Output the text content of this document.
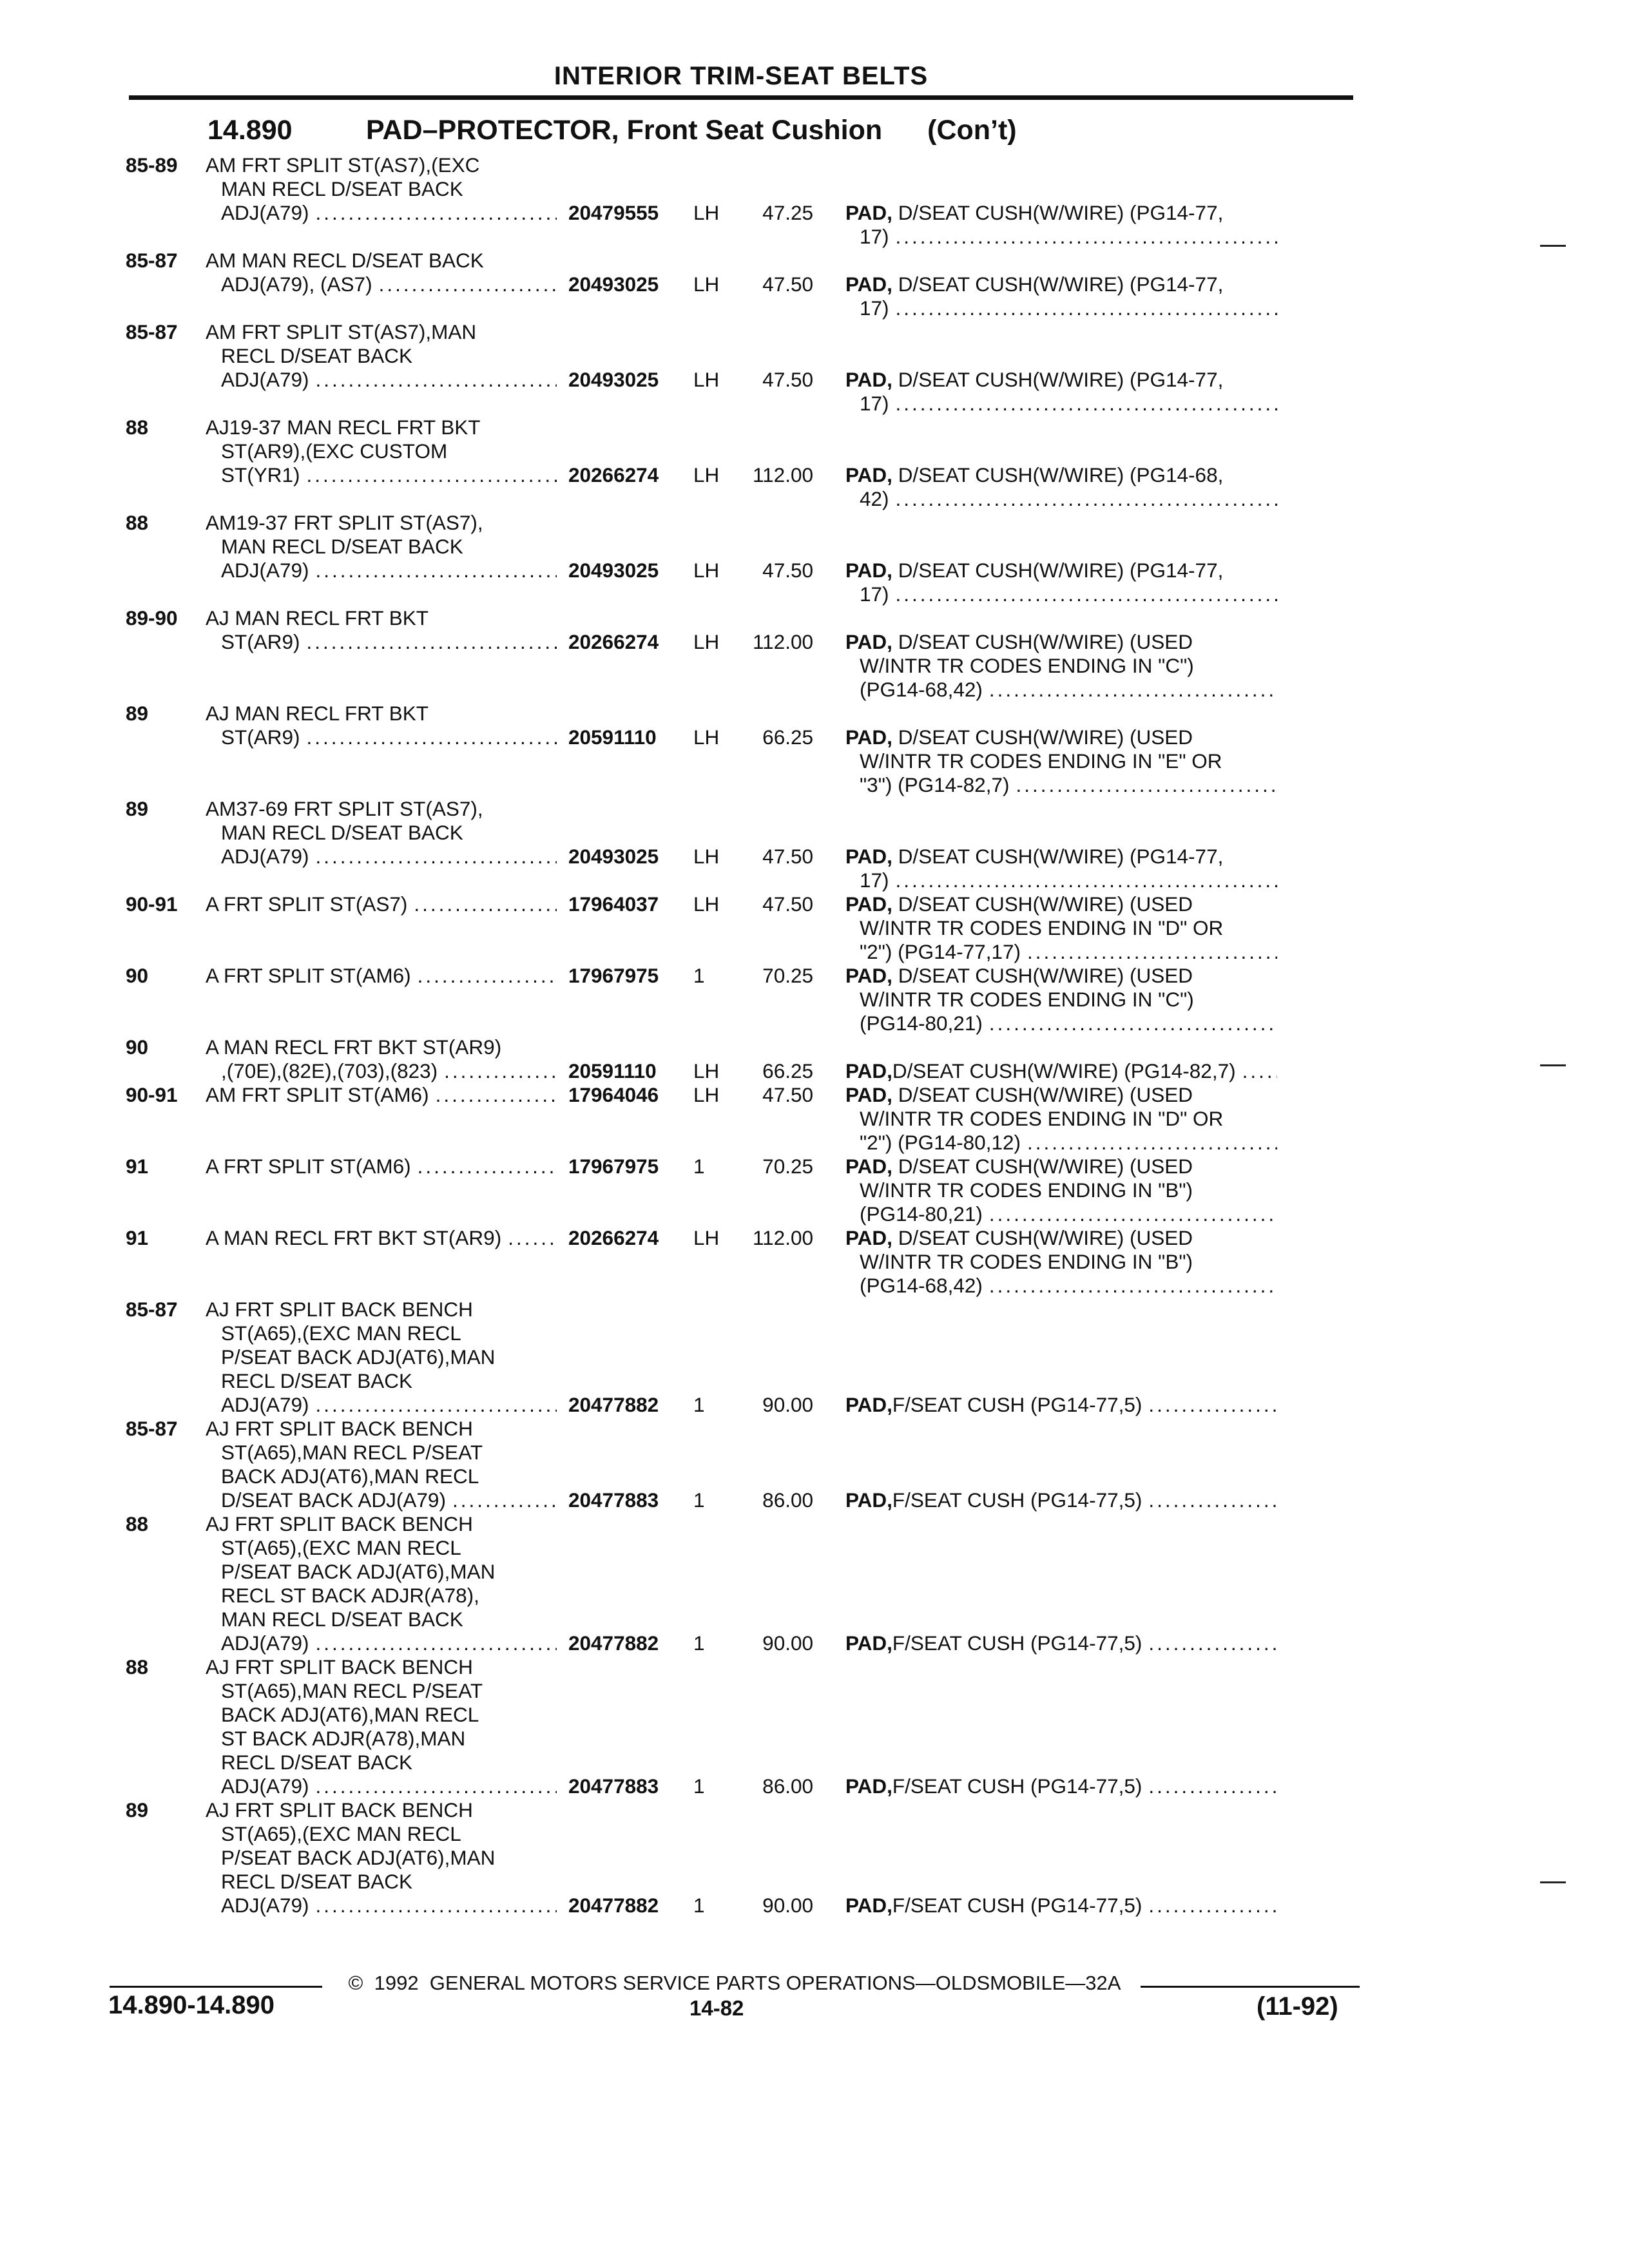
INTERIOR TRIM-SEAT BELTS
14.890	PAD–PROTECTOR, Front Seat Cushion (Con’t)
85-89	AM FRT SPLIT ST(AS7),(EXC
MAN RECL D/SEAT BACK
ADJ(A79) .....	20479555	LH	47.25 PAD, D/SEAT CUSH(W/WIRE) (PG14-77,
17)
.....
85-87	AM MAN RECL D/SEAT BACK
ADJ(A79), (AS7) .....	20493025	LH	47.50 PAD, D/SEAT CUSH(W/WIRE) (PG14-77,
17)
.....
85-87	AM FRT SPLIT ST(AS7),MAN
RECL D/SEAT BACK
ADJ(A79) .....	20493025	LH	47.50 PAD, D/SEAT CUSH(W/WIRE) (PG14-77,
17)
.....
88	AJ19-37 MAN RECL FRT BKT
ST(AR9),(EXC CUSTOM
ST(YR1) .....	20266274	LH	112.00 PAD, D/SEAT CUSH(W/WIRE) (PG14-68,
42)
.....
88	AM19-37 FRT SPLIT ST(AS7),
MAN RECL D/SEAT BACK
ADJ(A79) .....	20493025	LH	47.50 PAD, D/SEAT CUSH(W/WIRE) (PG14-77,
17)
.....
89-90	AJ MAN RECL FRT BKT
ST(AR9) .....	20266274	LH	112.00 PAD, D/SEAT CUSH(W/WIRE) (USED
W/INTR TR CODES ENDING IN "C")
(PG14-68,42)
.....
89	AJ MAN RECL FRT BKT
ST(AR9) .....	20591110	LH	66.25 PAD, D/SEAT CUSH(W/WIRE) (USED
W/INTR TR CODES ENDING IN "E" OR
"3") (PG14-82,7)
.....
89	AM37-69 FRT SPLIT ST(AS7),
MAN RECL D/SEAT BACK
ADJ(A79) .....	20493025	LH	47.50 PAD, D/SEAT CUSH(W/WIRE) (PG14-77,
17)
.....
90-91	A FRT SPLIT ST(AS7) .....	17964037	LH	47.50 PAD, D/SEAT CUSH(W/WIRE) (USED
W/INTR TR CODES ENDING IN "D" OR
"2") (PG14-77,17)
.....
90	A FRT SPLIT ST(AM6) .....	17967975	1	70.25 PAD, D/SEAT CUSH(W/WIRE) (USED
W/INTR TR CODES ENDING IN "C")
(PG14-80,21)
.....
90	A MAN RECL FRT BKT ST(AR9)
,(70E),(82E),(703),(823) .....	20591110	LH	66.25 PAD, D/SEAT CUSH(W/WIRE) (PG14-82,7)
.....
90-91	AM FRT SPLIT ST(AM6) .....	17964046	LH	47.50 PAD, D/SEAT CUSH(W/WIRE) (USED
W/INTR TR CODES ENDING IN "D" OR
"2") (PG14-80,12)
.....
91	A FRT SPLIT ST(AM6) .....	17967975	1	70.25 PAD, D/SEAT CUSH(W/WIRE) (USED
W/INTR TR CODES ENDING IN "B")
(PG14-80,21)
.....
91	A MAN RECL FRT BKT ST(AR9) .....	20266274	LH	112.00 PAD, D/SEAT CUSH(W/WIRE) (USED
W/INTR TR CODES ENDING IN "B")
(PG14-68,42)
.....
85-87	AJ FRT SPLIT BACK BENCH
ST(A65),(EXC MAN RECL
P/SEAT BACK ADJ(AT6),MAN
RECL D/SEAT BACK
ADJ(A79) .....	20477882	1	90.00 PAD, F/SEAT CUSH (PG14-77,5)
.....
85-87	AJ FRT SPLIT BACK BENCH
ST(A65),MAN RECL P/SEAT
BACK ADJ(AT6),MAN RECL
D/SEAT BACK ADJ(A79) .....	20477883	1	86.00 PAD, F/SEAT CUSH (PG14-77,5)
.....
88	AJ FRT SPLIT BACK BENCH
ST(A65),(EXC MAN RECL
P/SEAT BACK ADJ(AT6),MAN
RECL ST BACK ADJR(A78),
MAN RECL D/SEAT BACK
ADJ(A79) .....	20477882	1	90.00 PAD, F/SEAT CUSH (PG14-77,5)
.....
88	AJ FRT SPLIT BACK BENCH
ST(A65),MAN RECL P/SEAT
BACK ADJ(AT6),MAN RECL
ST BACK ADJR(A78),MAN
RECL D/SEAT BACK
ADJ(A79) .....	20477883	1	86.00 PAD, F/SEAT CUSH (PG14-77,5)
.....
89	AJ FRT SPLIT BACK BENCH
ST(A65),(EXC MAN RECL
P/SEAT BACK ADJ(AT6),MAN
RECL D/SEAT BACK
ADJ(A79) .....	20477882	1	90.00 PAD, F/SEAT CUSH (PG14-77,5)
.....
©  1992  GENERAL MOTORS SERVICE PARTS OPERATIONS—OLDSMOBILE—32A
14.890-14.890	14-82	(11-92)
